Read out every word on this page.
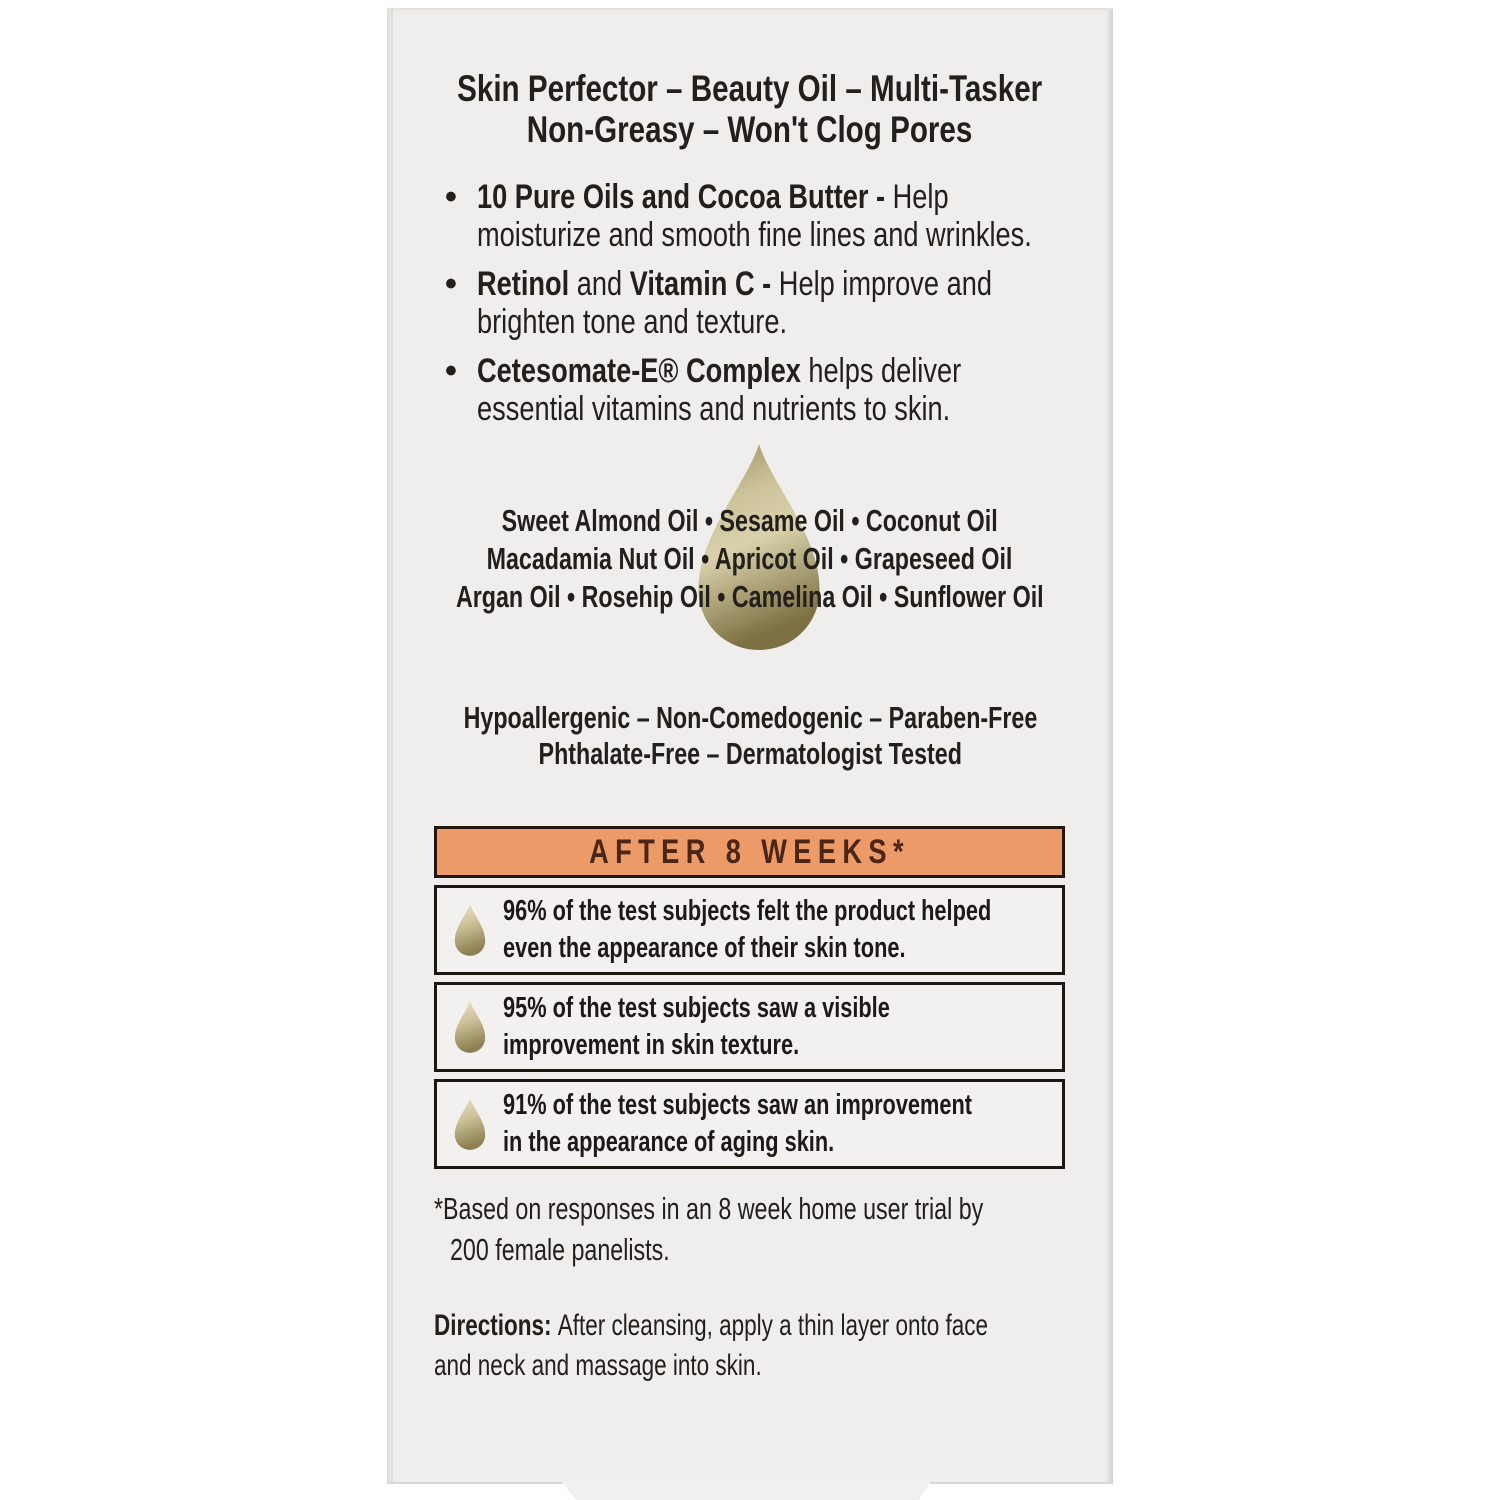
Skin Perfector – Beauty Oil – Multi-Tasker
Non-Greasy – Won't Clog Pores
• 10 Pure Oils and Cocoa Butter - Help
moisturize and smooth fine lines and wrinkles.
• Retinol and Vitamin C - Help improve and
brighten tone and texture.
• Cetesomate-E® Complex helps deliver
essential vitamins and nutrients to skin.
Sweet Almond Oil • Sesame Oil • Coconut Oil
Macadamia Nut Oil • Apricot Oil • Grapeseed Oil
Argan Oil • Rosehip Oil • Camelina Oil • Sunflower Oil
Hypoallergenic – Non-Comedogenic – Paraben-Free
Phthalate-Free – Dermatologist Tested
AFTER 8 WEEKS*
96% of the test subjects felt the product helped
even the appearance of their skin tone.
95% of the test subjects saw a visible
improvement in skin texture.
91% of the test subjects saw an improvement
in the appearance of aging skin.
*Based on responses in an 8 week home user trial by
200 female panelists.
Directions: After cleansing, apply a thin layer onto face
and neck and massage into skin.
